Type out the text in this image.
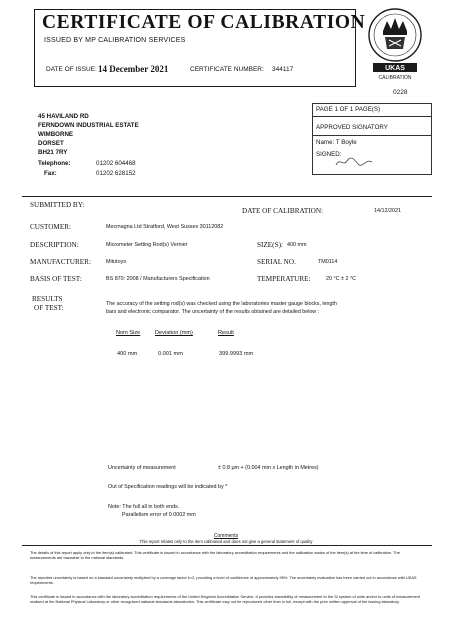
CERTIFICATE OF CALIBRATION
ISSUED BY MP CALIBRATION SERVICES
DATE OF ISSUE: 14 December 2021	CERTIFICATE NUMBER: 344117	UKAS
CALIBRATION
0228
45 HAVILAND RD
FERNDOWN INDUSTRIAL ESTATE
WIMBORNE
DORSET
BH21 7RY
Telephone:	01202 604468
Fax:	01202 628152
PAGE 1 OF 1 PAGE(S)
APPROVED SIGNATORY
Name: T Boyle
SIGNED:
SUBMITTED BY:
DATE OF CALIBRATION:	14/12/2021
CUSTOMER:	Mecmagna Ltd Stratford, West Sussex 30112082
DESCRIPTION:	Micrometer Setting Rod(s) Vernier	SIZE(S): 400 mm
MANUFACTURER:	Mitutoyo	SERIAL NO.	TM0114
BASIS OF TEST:	BS 870: 2008 / Manufacturers Specification	TEMPERATURE:	20 °C ± 2 °C
RESULTS
OF TEST:	The accuracy of the setting rod(s) was checked using the laboratories master gauge blocks, length
bars and electronic comparator. The uncertainty of the results obtained are detailed below :
Nom Size	Deviation (mm)	Result
400 mm	0.001 mm	399.9993 mm
Uncertainty of measurement	± 0.8 µm + (0.004 mm x Length in Metres)
Out of Specification readings will be indicated by *
Note: The full all in both ends.
Parallelism error of 0.0002 mm
Comments
This report relates only to the item calibrated and does not give a general statement of quality
The details of this report apply only to the item(s) calibrated. This certificate is issued in accordance with the laboratory accreditation requirements and the calibration status of the item(s) at the time of calibration. The measurements are traceable to the national standards.
The reported uncertainty is based on a standard uncertainty multiplied by a coverage factor k=2, providing a level of confidence of approximately 95%. The uncertainty evaluation has been carried out in accordance with UKAS requirements.
This certificate is issued in accordance with the laboratory accreditation requirements of the United Kingdom Accreditation Service. It provides traceability of measurement to the SI system of units and/or to units of measurement realised at the National Physical Laboratory or other recognised national standards laboratories. This certificate may not be reproduced other than in full, except with the prior written approval of the issuing laboratory.
